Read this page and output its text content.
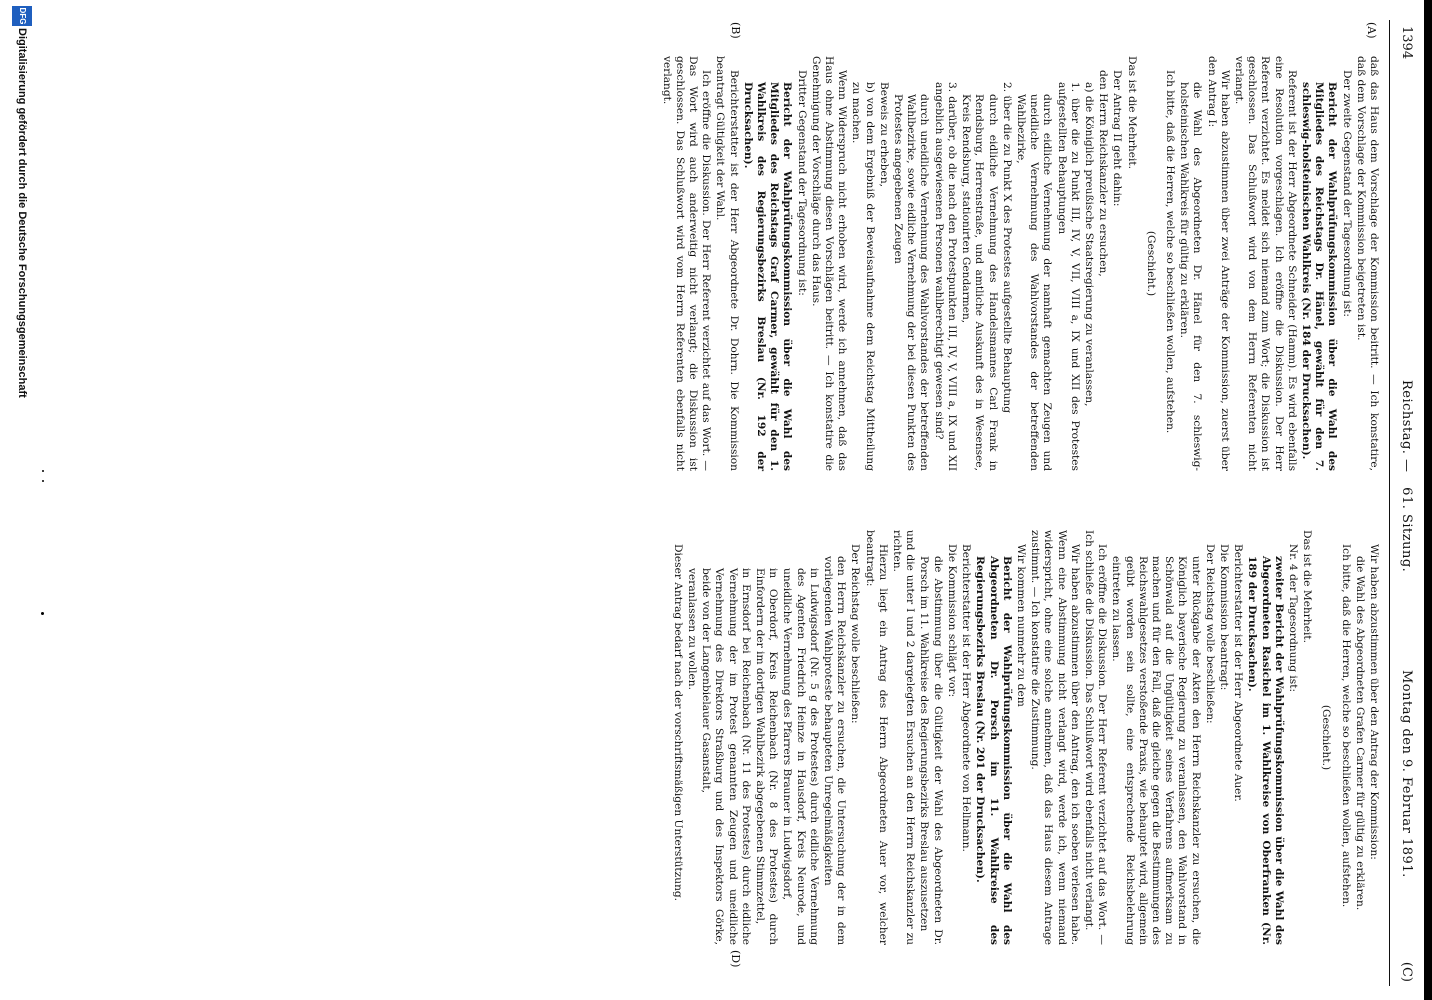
1394
Reichstag. — 61. Sitzung.
Montag den 9. Februar 1891.
(C)
(A)
(B)
(D)

daß das Haus dem Vorschlage der Kommission beitritt. — Ich konstatire, daß dem Vorschlage der Kommission beigetreten ist.

Der zweite Gegenstand der Tagesordnung ist:

Bericht der Wahlprüfungskommission über die Wahl des Mitgliedes des Reichstags Dr. Hänel, gewählt für den 7. schleswig-holsteinischen Wahlkreis (Nr. 184 der Drucksachen).

Referent ist der Herr Abgeordnete Schneider (Hamm). Es wird ebenfalls eine Resolution vorgeschlagen. Ich eröffne die Diskussion. Der Herr Referent verzichtet. Es meldet sich niemand zum Wort; die Diskussion ist geschlossen. Das Schlußwort wird von dem Herrn Referenten nicht verlangt.

Wir haben abzustimmen über zwei Anträge der Kommission, zuerst über den Antrag I:

die Wahl des Abgeordneten Dr. Hänel für den 7. schleswig-holsteinischen Wahlkreis für gültig zu erklären.

Ich bitte, daß die Herren, welche so beschließen wollen, aufstehen.

(Geschieht.)

Das ist die Mehrheit.

Der Antrag II geht dahin:

den Herrn Reichskanzler zu ersuchen,

a) die Königlich preußische Staatsregierung zu veranlassen,

1. über die zu Punkt III, IV, V, VII, VIII a, IX und XII des Protestes aufgestellten Behauptungen

durch eidliche Vernehmung der namhaft gemachten Zeugen und uneidliche Vernehmung des Wahlvorstandes der betreffenden Wahlbezirke,

2. über die zu Punkt X des Protestes aufgestellte Behauptung

durch eidliche Vernehmung des Handelsmannes Carl Frank in Rendsburg, Herrenstraße, und amtliche Auskunft des in Wesensee, Kreis Rendsburg, stationirten Gendarmen,

3. darüber, ob die nach den Protestpunkten III, IV, V, VIII a, IX und XII angeblich ausgewiesenen Personen wahlberechtigt gewesen sind?

durch uneidliche Vernehmung des Wahlvorstandes der betreffenden Wahlbezirke, sowie eidliche Vernehmung der bei diesen Punkten des Protestes angegebenen Zeugen

Beweis zu erheben,

b) von dem Ergebniß der Beweisaufnahme dem Reichstag Mittheilung zu machen.

Wenn Widerspruch nicht erhoben wird, werde ich annehmen, daß das Haus ohne Abstimmung diesen Vorschlägen beitritt. — Ich konstatire die Genehmigung der Vorschläge durch das Haus.

Dritter Gegenstand der Tagesordnung ist:

Bericht der Wahlprüfungskommission über die Wahl des Mitgliedes des Reichstags Graf Carmer, gewählt für den 1. Wahlkreis des Regierungsbezirks Breslau (Nr. 192 der Drucksachen).

Berichterstatter ist der Herr Abgeordnete Dr. Dohrn. Die Kommission beantragt Gültigkeit der Wahl.

Ich eröffne die Diskussion. Der Herr Referent verzichtet auf das Wort. — Das Wort wird auch anderweitig nicht verlangt; die Diskussion ist geschlossen. Das Schlußwort wird vom Herrn Referenten ebenfalls nicht verlangt.

Wir haben abzustimmen über den Antrag der Kommission:

die Wahl des Abgeordneten Grafen Carmer für gültig zu erklären.

Ich bitte, daß die Herren, welche so beschließen wollen, aufstehen.

(Geschieht.)

Das ist die Mehrheit.

Nr. 4 der Tagesordnung ist:

zweiter Bericht der Wahlprüfungskommission über die Wahl des Abgeordneten Rasichel im 1. Wahlkreise von Oberfranken (Nr. 189 der Drucksachen).

Berichterstatter ist der Herr Abgeordnete Auer.

Die Kommission beantragt:

Der Reichstag wolle beschließen:

unter Rückgabe der Akten den Herrn Reichskanzler zu ersuchen, die Königlich bayerische Regierung zu veranlassen, den Wahlvorstand in Schönwald auf die Ungültigkeit seines Verfahrens aufmerksam zu machen und für den Fall, daß die gleiche gegen die Bestimmungen des Reichswahlgesetzes verstoßende Praxis, wie behauptet wird, allgemein geübt worden sein sollte, eine entsprechende Reichsbelehrung eintreten zu lassen.

Ich eröffne die Diskussion. Der Herr Referent verzichtet auf das Wort. — Ich schließe die Diskussion. Das Schlußwort wird ebenfalls nicht verlangt.

Wir haben abzustimmen über den Antrag, den ich soeben verlesen habe. Wenn eine Abstimmung nicht verlangt wird, werde ich, wenn niemand widerspricht, ohne eine solche annehmen, daß das Haus diesem Antrage zustimmt. — Ich konstatire die Zustimmung.

Wir kommen nunmehr zu dem

Bericht der Wahlprüfungskommission über die Wahl des Abgeordneten Dr. Porsch im 11. Wahlkreise des Regierungsbezirks Breslau (Nr. 201 der Drucksachen).

Berichterstatter ist der Herr Abgeordnete von Hellmann.

Die Kommission schlägt vor:

die Abstimmung über die Gültigkeit der Wahl des Abgeordneten Dr. Porsch im 11. Wahlkreise des Regierungsbezirks Breslau auszusetzen

und die unter I und 2 dargelegten Ersuchen an den Herrn Reichskanzler zu richten.

Hierzu liegt ein Antrag des Herrn Abgeordneten Auer vor, welcher beantragt:

Der Reichstag wolle beschließen:

den Herrn Reichskanzler zu ersuchen, die Untersuchung der in dem vorliegenden Wahlproteste behaupteten Unregelmäßigkeiten

in Ludwigsdorf (Nr. 5 g des Protestes) durch eidliche Vernehmung des Agenten Friedrich Heinze in Hausdorf, Kreis Neurode, und uneidliche Vernehmung des Pfarrers Brauner in Ludwigsdorf,

in Oberdorf, Kreis Reichenbach (Nr. 8 des Protestes) durch Einfordern der im dortigen Wahlbezirk abgegebenen Stimmzettel,

in Ernsdorf bei Reichenbach (Nr. 11 des Protestes) durch eidliche Vernehmung der im Protest genannten Zeugen und uneidliche Vernehmung des Direktors Straßburg und des Inspektors Görke, beide von der Langenbielauer Gasanstalt,

veranlassen zu wollen.

Dieser Antrag bedarf nach der vorschriftsmäßigen Unterstützung.

DFG
Digitalisierung gefördert durch die Deutsche Forschungsgemeinschaft
